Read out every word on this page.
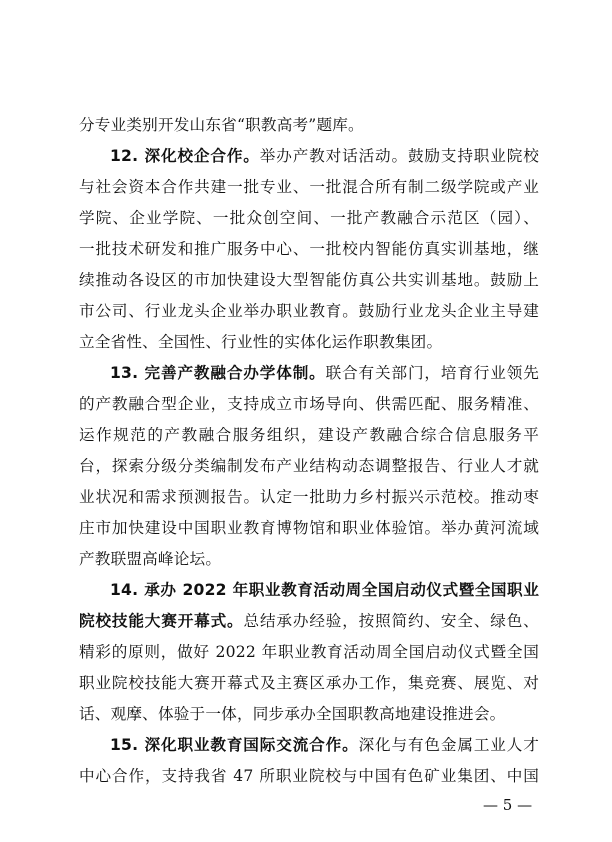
分专业类别开发山东省“职教高考”题库。
12. 深化校企合作。举办产教对话活动。鼓励支持职业院校
与社会资本合作共建一批专业、一批混合所有制二级学院或产业
学院、企业学院、一批众创空间、一批产教融合示范区（园）、
一批技术研发和推广服务中心、一批校内智能仿真实训基地，继
续推动各设区的市加快建设大型智能仿真公共实训基地。鼓励上
市公司、行业龙头企业举办职业教育。鼓励行业龙头企业主导建
立全省性、全国性、行业性的实体化运作职教集团。
13. 完善产教融合办学体制。联合有关部门，培育行业领先
的产教融合型企业，支持成立市场导向、供需匹配、服务精准、
运作规范的产教融合服务组织，建设产教融合综合信息服务平
台，探索分级分类编制发布产业结构动态调整报告、行业人才就
业状况和需求预测报告。认定一批助力乡村振兴示范校。推动枣
庄市加快建设中国职业教育博物馆和职业体验馆。举办黄河流域
产教联盟高峰论坛。
14. 承办 2022 年职业教育活动周全国启动仪式暨全国职业
院校技能大赛开幕式。总结承办经验，按照简约、安全、绿色、
精彩的原则，做好 2022 年职业教育活动周全国启动仪式暨全国
职业院校技能大赛开幕式及主赛区承办工作，集竞赛、展览、对
话、观摩、体验于一体，同步承办全国职教高地建设推进会。
15. 深化职业教育国际交流合作。深化与有色金属工业人才
中心合作，支持我省 47 所职业院校与中国有色矿业集团、中国
— 5 —
